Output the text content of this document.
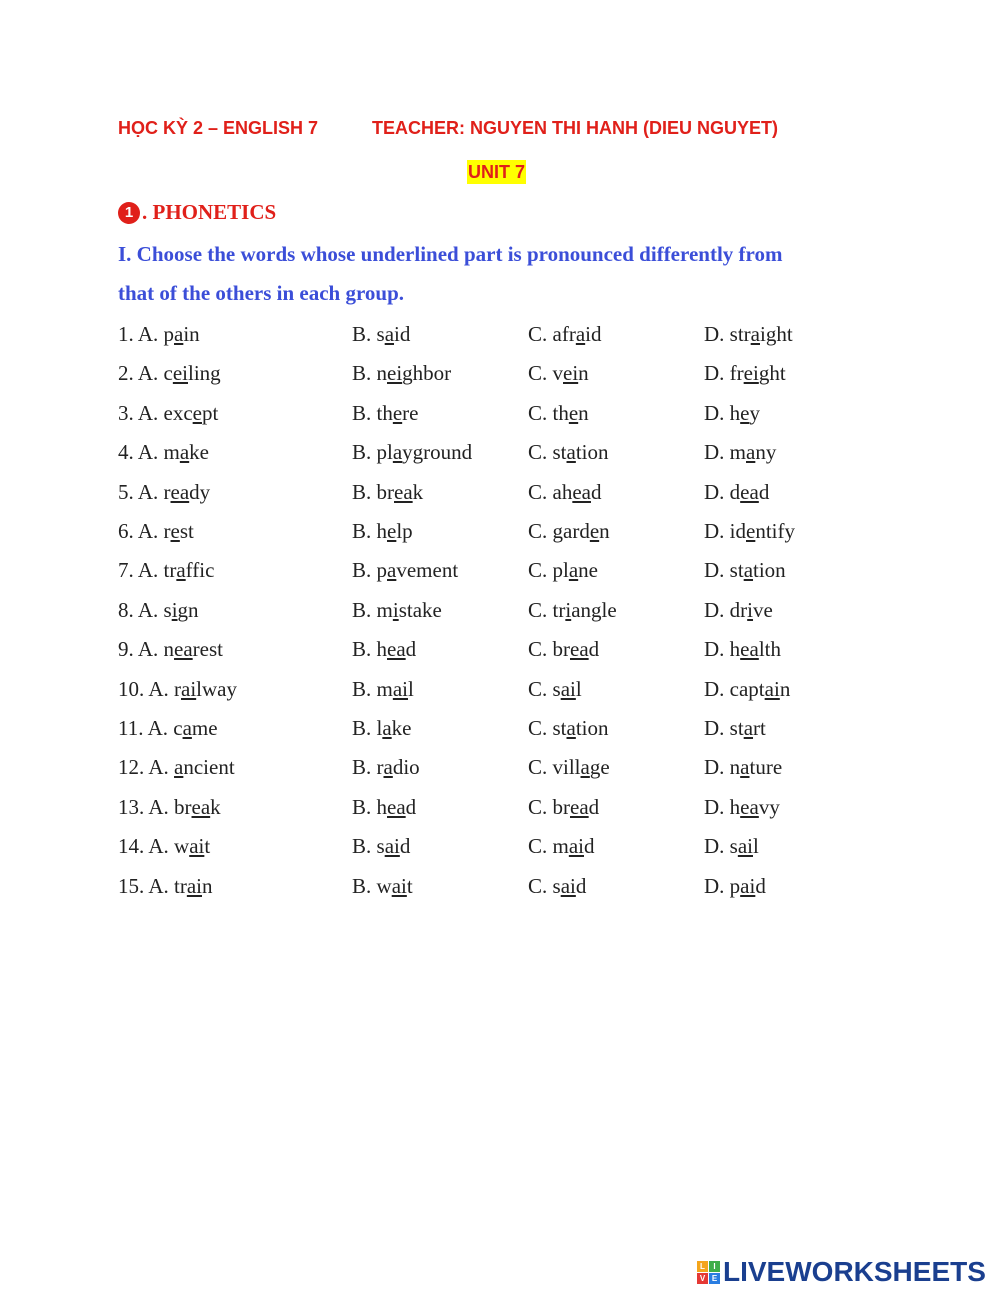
HỌC KỲ 2 – ENGLISH 7	TEACHER: NGUYEN THI HANH (DIEU NGUYET)
UNIT 7
1 . PHONETICS
I. Choose the words whose underlined part is pronounced differently from
that of the others in each group.
1. A. pain	B. said	C. afraid	D. straight
2. A. ceiling	B. neighbor	C. vein	D. freight
3. A. except	B. there	C. then	D. hey
4. A. make	B. playground	C. station	D. many
5. A. ready	B. break	C. ahead	D. dead
6. A. rest	B. help	C. garden	D. identify
7. A. traffic	B. pavement	C. plane	D. station
8. A. sign	B. mistake	C. triangle	D. drive
9. A. nearest	B. head	C. bread	D. health
10. A. railway	B. mail	C. sail	D. captain
11. A. came	B. lake	C. station	D. start
12. A. ancient	B. radio	C. village	D. nature
13. A. break	B. head	C. bread	D. heavy
14. A. wait	B. said	C. maid	D. sail
15. A. train	B. wait	C. said	D. paid
L	I
V E LIVEWORKSHEETS
